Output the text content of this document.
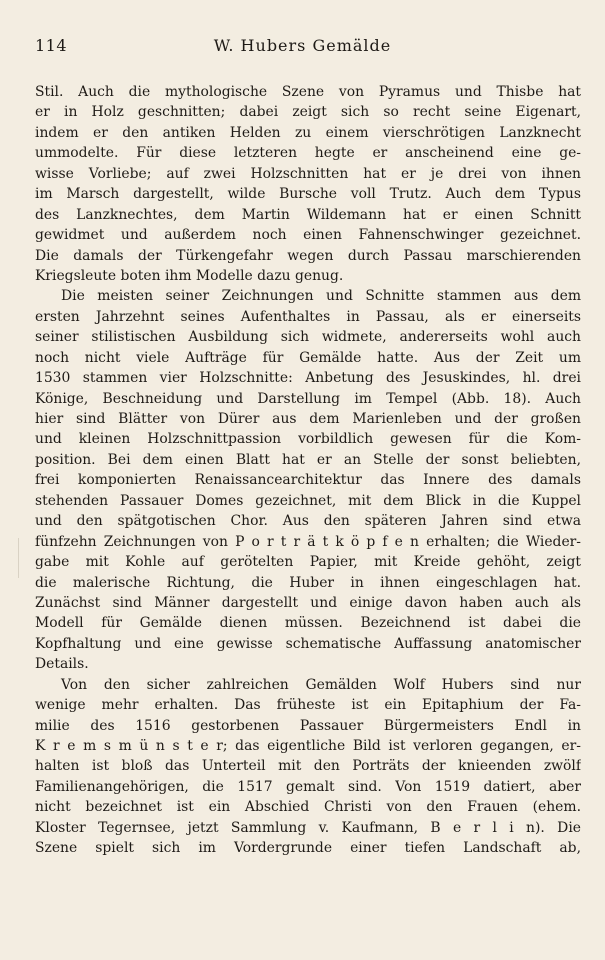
114	W. Hubers Gemälde

Stil. Auch die mythologische Szene von Pyramus und Thisbe hat
er in Holz geschnitten; dabei zeigt sich so recht seine Eigenart,
indem er den antiken Helden zu einem vierschrötigen Lanzknecht
ummodelte. Für diese letzteren hegte er anscheinend eine ge-
wisse Vorliebe; auf zwei Holzschnitten hat er je drei von ihnen
im Marsch dargestellt, wilde Bursche voll Trutz. Auch dem Typus
des Lanzknechtes, dem Martin Wildemann hat er einen Schnitt
gewidmet und außerdem noch einen Fahnenschwinger gezeichnet.
Die damals der Türkengefahr wegen durch Passau marschierenden
Kriegsleute boten ihm Modelle dazu genug.

Die meisten seiner Zeichnungen und Schnitte stammen aus dem
ersten Jahrzehnt seines Aufenthaltes in Passau, als er einerseits
seiner stilistischen Ausbildung sich widmete, andererseits wohl auch
noch nicht viele Aufträge für Gemälde hatte. Aus der Zeit um
1530 stammen vier Holzschnitte: Anbetung des Jesuskindes, hl. drei
Könige, Beschneidung und Darstellung im Tempel (Abb. 18). Auch
hier sind Blätter von Dürer aus dem Marienleben und der großen
und kleinen Holzschnittpassion vorbildlich gewesen für die Kom-
position. Bei dem einen Blatt hat er an Stelle der sonst beliebten,
frei komponierten Renaissancearchitektur das Innere des damals
stehenden Passauer Domes gezeichnet, mit dem Blick in die Kuppel
und den spätgotischen Chor. Aus den späteren Jahren sind etwa
fünfzehn Zeichnungen von P o r t r ä t k ö p f e n erhalten; die Wieder-
gabe mit Kohle auf gerötelten Papier, mit Kreide gehöht, zeigt
die malerische Richtung, die Huber in ihnen eingeschlagen hat.
Zunächst sind Männer dargestellt und einige davon haben auch als
Modell für Gemälde dienen müssen. Bezeichnend ist dabei die
Kopfhaltung und eine gewisse schematische Auffassung anatomischer
Details.

Von den sicher zahlreichen Gemälden Wolf Hubers sind nur
wenige mehr erhalten. Das früheste ist ein Epitaphium der Fa-
milie des 1516 gestorbenen Passauer Bürgermeisters Endl in
K r e m s m ü n s t e r; das eigentliche Bild ist verloren gegangen, er-
halten ist bloß das Unterteil mit den Porträts der knieenden zwölf
Familienangehörigen, die 1517 gemalt sind. Von 1519 datiert, aber
nicht bezeichnet ist ein Abschied Christi von den Frauen (ehem.
Kloster Tegernsee, jetzt Sammlung v. Kaufmann, B e r l i n). Die
Szene spielt sich im Vordergrunde einer tiefen Landschaft ab,
